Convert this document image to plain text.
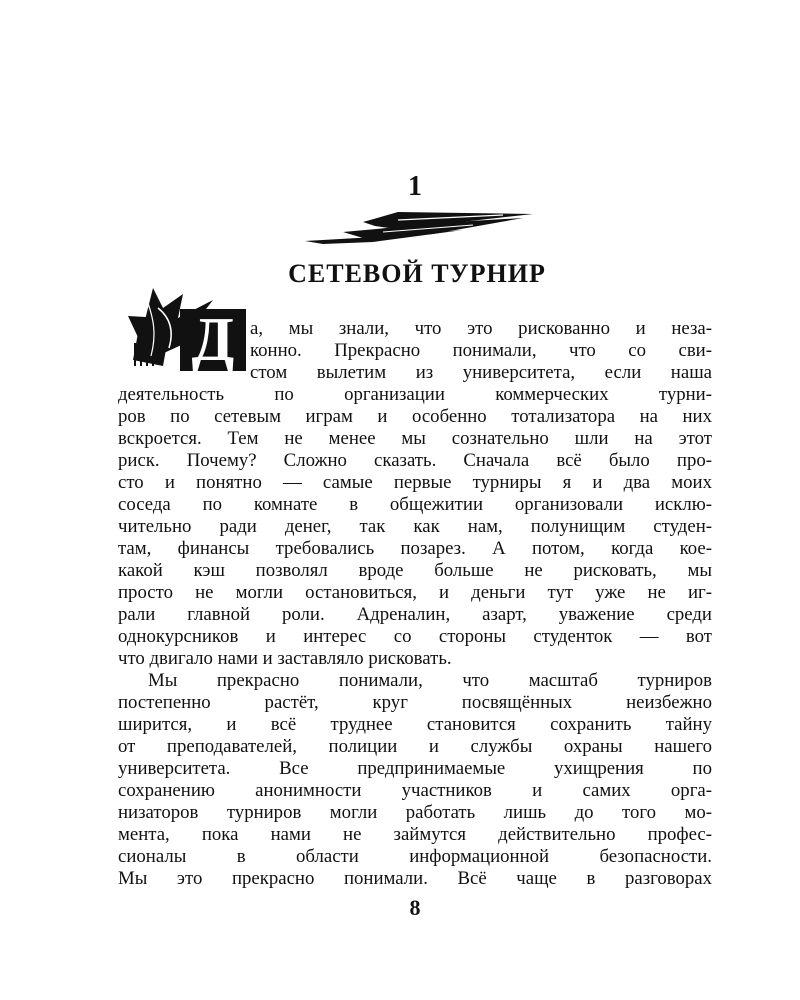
1
СЕТЕВОЙ ТУРНИР
Д а, мы знали, что это рискованно и неза-
конно. Прекрасно понимали, что со сви-
стом вылетим из университета, если наша
деятельность по организации коммерческих турни-
ров по сетевым играм и особенно тотализатора на них
вскроется. Тем не менее мы сознательно шли на этот
риск. Почему? Сложно сказать. Сначала всё было про-
сто и понятно — самые первые турниры я и два моих
соседа по комнате в общежитии организовали исклю-
чительно ради денег, так как нам, полунищим студен-
там, финансы требовались позарез. А потом, когда кое-
какой кэш позволял вроде больше не рисковать, мы
просто не могли остановиться, и деньги тут уже не иг-
рали главной роли. Адреналин, азарт, уважение среди
однокурсников и интерес со стороны студенток — вот
что двигало нами и заставляло рисковать.
Мы прекрасно понимали, что масштаб турниров
постепенно растёт, круг посвящённых неизбежно
ширится, и всё труднее становится сохранить тайну
от преподавателей, полиции и службы охраны нашего
университета. Все предпринимаемые ухищрения по
сохранению анонимности участников и самих орга-
низаторов турниров могли работать лишь до того мо-
мента, пока нами не займутся действительно профес-
сионалы в области информационной безопасности.
Мы это прекрасно понимали. Всё чаще в разговорах
8
